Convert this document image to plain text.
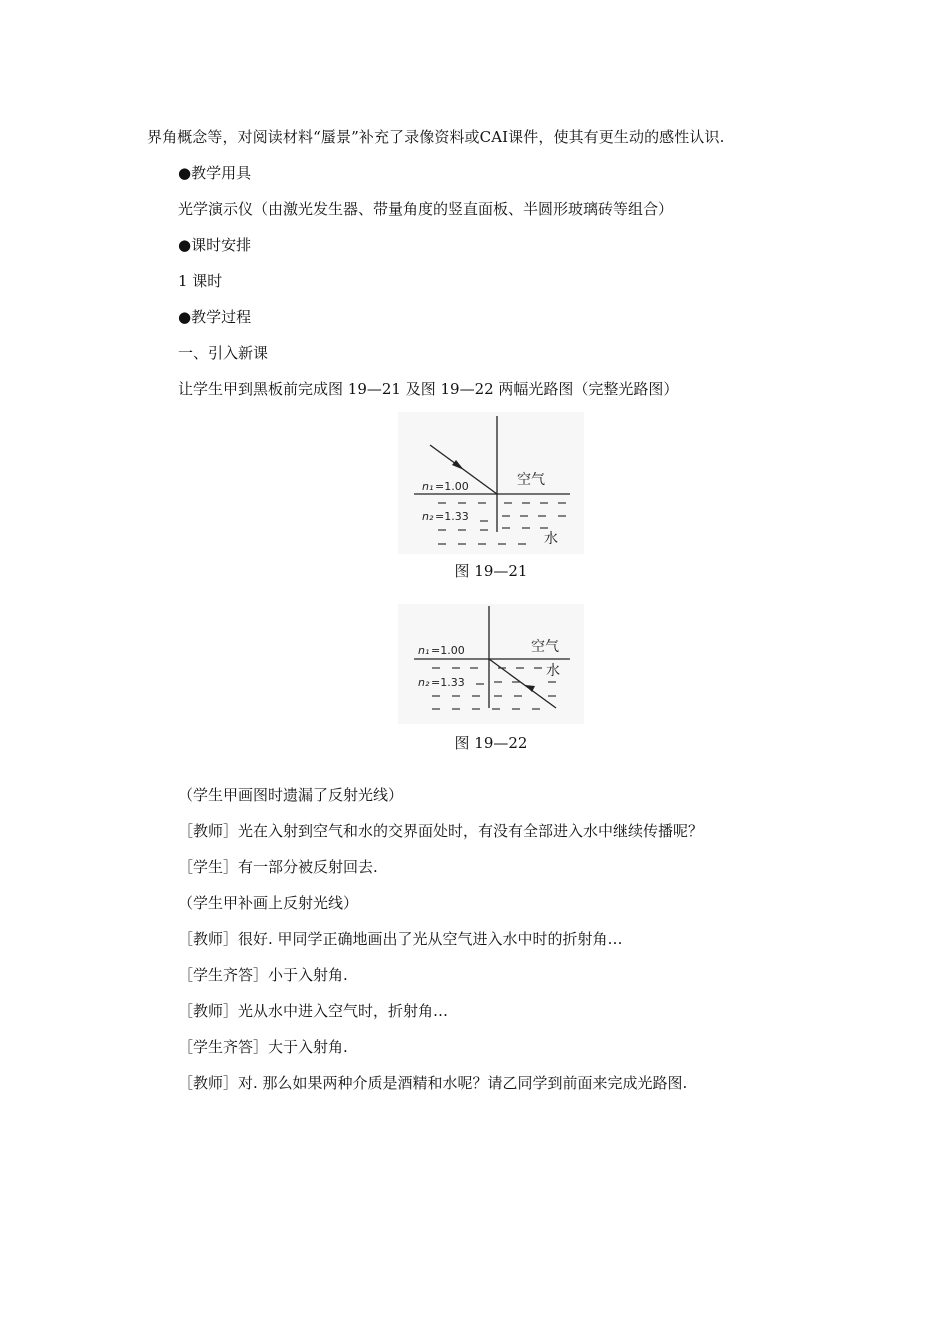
界角概念等，对阅读材料“蜃景”补充了录像资料或CAI课件，使其有更生动的感性认识.
●教学用具
光学演示仪（由激光发生器、带量角度的竖直面板、半圆形玻璃砖等组合）
●课时安排
1 课时
●教学过程
一、引入新课
让学生甲到黑板前完成图 19—21 及图 19—22 两幅光路图（完整光路图）
空气
水
n₁ =1.00
n₂ =1.33
图 19—21
空气
水
n₁ =1.00
n₂ =1.33
图 19—22
（学生甲画图时遗漏了反射光线）
［教师］光在入射到空气和水的交界面处时，有没有全部进入水中继续传播呢？
［学生］有一部分被反射回去.
（学生甲补画上反射光线）
［教师］很好. 甲同学正确地画出了光从空气进入水中时的折射角…
［学生齐答］小于入射角.
［教师］光从水中进入空气时，折射角…
［学生齐答］大于入射角.
［教师］对. 那么如果两种介质是酒精和水呢？请乙同学到前面来完成光路图.
